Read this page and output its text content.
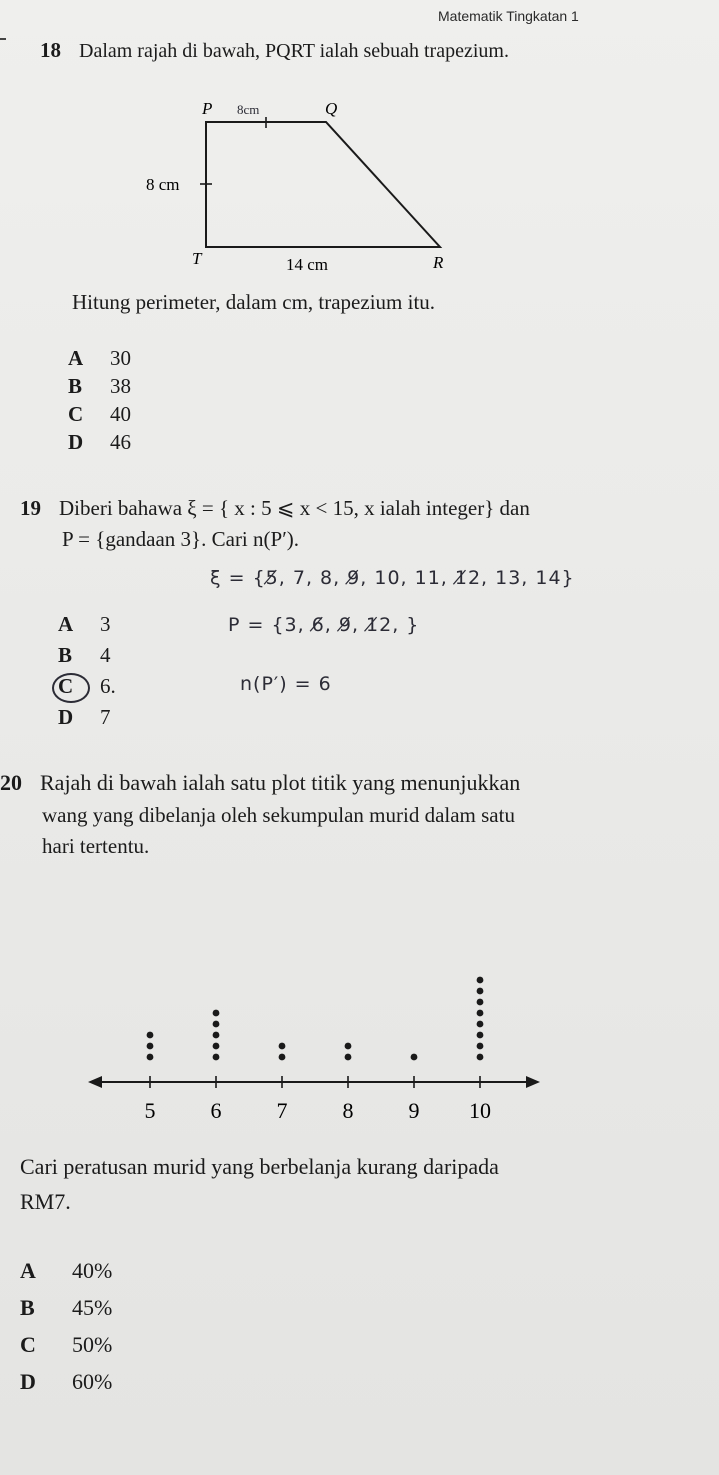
Matematik Tingkatan 1
18 Dalam rajah di bawah, PQRT ialah sebuah trapezium.
P	Q
R
T
8cm
8 cm
14 cm
Hitung perimeter, dalam cm, trapezium itu.
A 30
B 38
C 40
D 46
19 Diberi bahawa ξ = { x : 5 ⩽ x < 15, x ialah integer} dan
P = {gandaan 3}. Cari n(P′).
ξ = {5̸, 7, 8, 9̸, 10, 11, 1̸2, 13, 14}
P = {3, 6̸, 9̸, 1̸2, }
n(P′) = 6
A 3
B 4
C 6.
D 7
20 Rajah di bawah ialah satu plot titik yang menunjukkan
wang yang dibelanja oleh sekumpulan murid dalam satu
hari tertentu.
5	6	7	8	9 10
Cari peratusan murid yang berbelanja kurang daripada
RM7.
A 40%
B 45%
C 50%
D 60%
